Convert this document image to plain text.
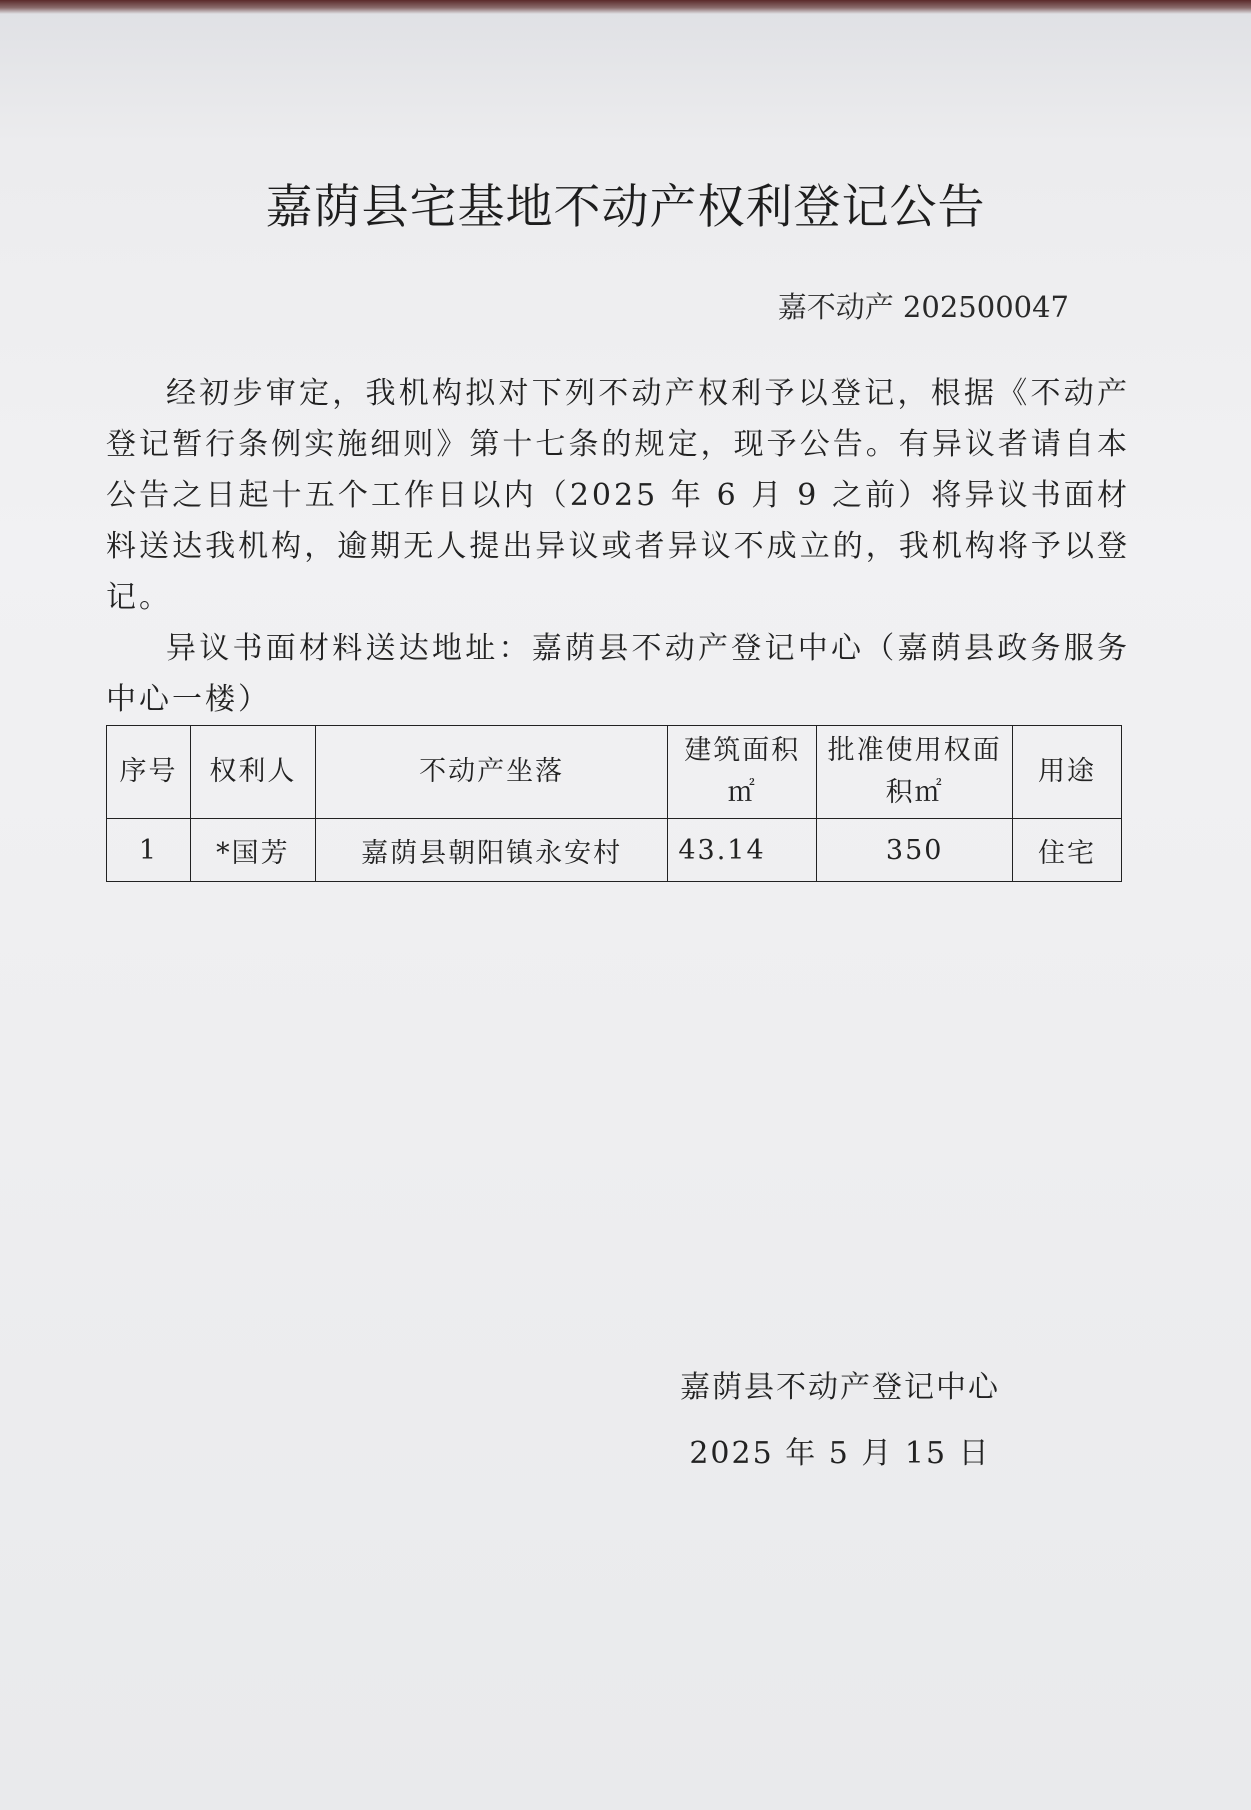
嘉荫县宅基地不动产权利登记公告
嘉不动产 202500047

经初步审定，我机构拟对下列不动产权利予以登记，根据《不动产登记暂行条例实施细则》第十七条的规定，现予公告。有异议者请自本公告之日起十五个工作日以内（2025 年 6 月 9 之前）将异议书面材料送达我机构，逾期无人提出异议或者异议不成立的，我机构将予以登记。

异议书面材料送达地址：嘉荫县不动产登记中心（嘉荫县政务服务中心一楼）

序号	权利人	不动产坐落	建筑面积㎡	批准使用权面积㎡	用途
1	*国芳	嘉荫县朝阳镇永安村	43.14	350	住宅
嘉荫县不动产登记中心
2025 年 5 月 15 日
